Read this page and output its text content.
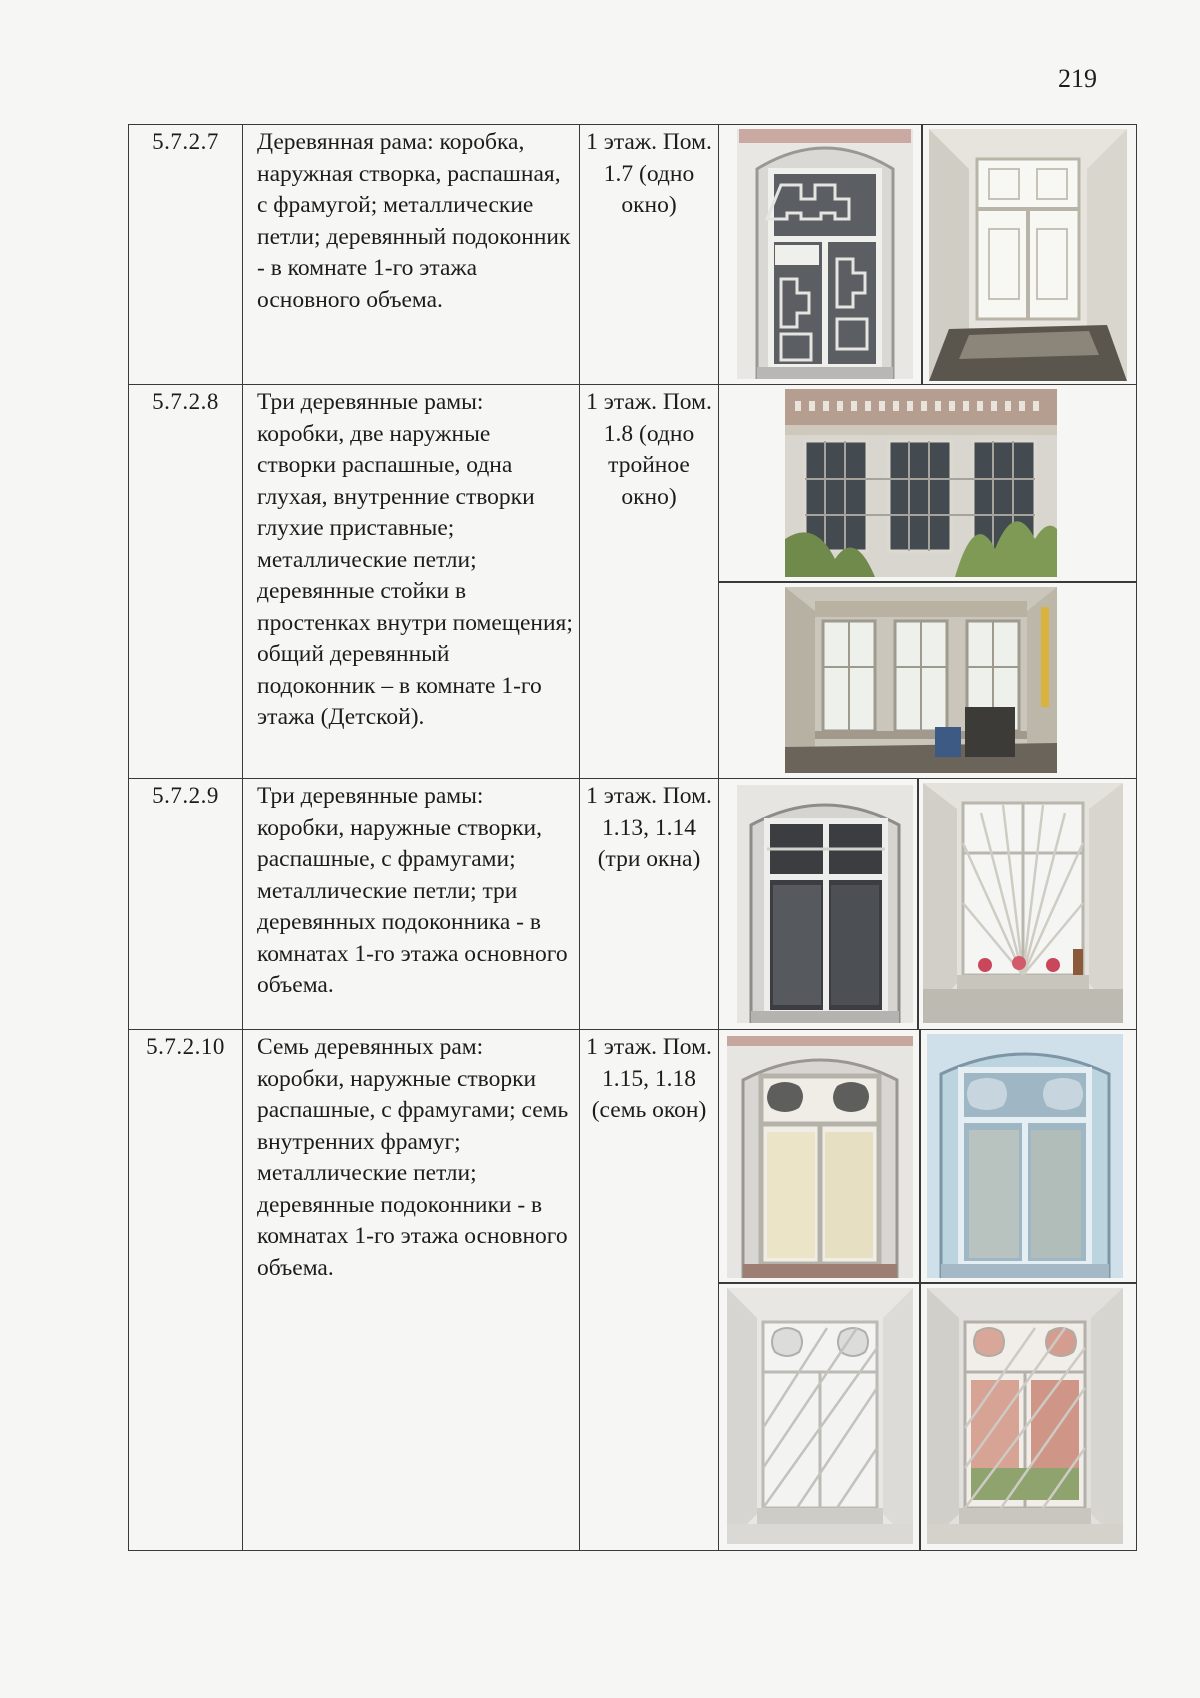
219
5.7.2.7	Деревянная рама: коробка, наружная створка, распашная, с фрамугой; металлические петли; деревянный подоконник - в комнате 1-го этажа основного объема.	1 этаж. Пом. 1.7 (одно окно)	

5.7.2.8	Три деревянные рамы: коробки, две наружные створки распашные, одна глухая, внутренние створки глухие приставные; металлические петли; деревянные стойки в простенках внутри помещения; общий деревянный подоконник – в комнате 1-го этажа (Детской).	1 этаж. Пом. 1.8 (одно тройное окно)	

5.7.2.9	Три деревянные рамы: коробки, наружные створки, распашные, с фрамугами; металлические петли; три деревянных подоконника - в комнатах 1-го этажа основного объема.	1 этаж. Пом. 1.13, 1.14 (три окна)	

5.7.2.10	Семь деревянных рам: коробки, наружные створки распашные, с фрамугами; семь внутренних фрамуг; металлические петли; деревянные подоконники - в комнатах 1-го этажа основного объема.	1 этаж. Пом. 1.15, 1.18 (семь окон)	
